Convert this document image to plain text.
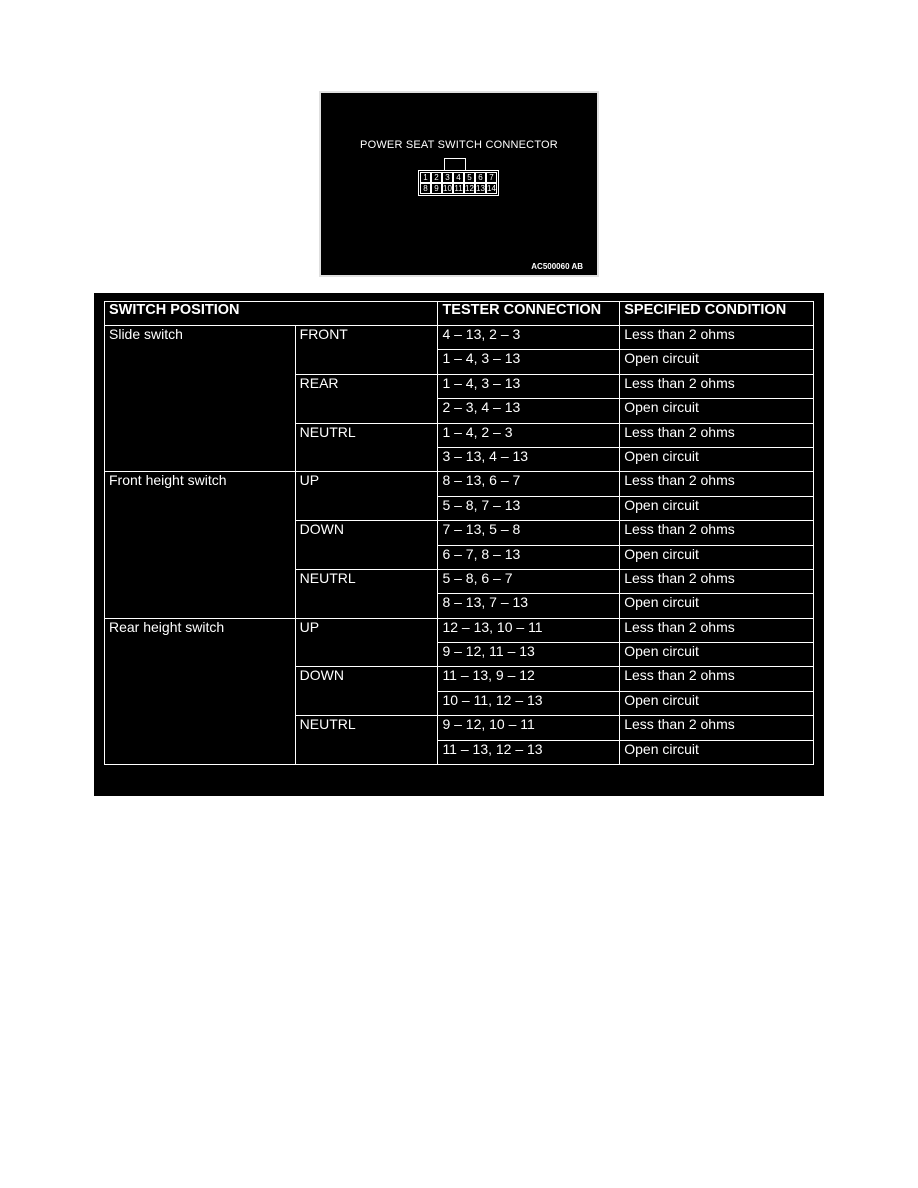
POWER SEAT SWITCH CONNECTOR
1 2 3 4 5 6 7
8 9 10 11 12 13 14
AC500060 AB
SWITCH POSITION		TESTER CONNECTION	SPECIFIED CONDITION
Slide switch	FRONT	4 – 13, 2 – 3	Less than 2 ohms
		1 – 4, 3 – 13	Open circuit
	REAR	1 – 4, 3 – 13	Less than 2 ohms
		2 – 3, 4 – 13	Open circuit
	NEUTRL	1 – 4, 2 – 3	Less than 2 ohms
		3 – 13, 4 – 13	Open circuit
Front height switch	UP	8 – 13, 6 – 7	Less than 2 ohms
		5 – 8, 7 – 13	Open circuit
	DOWN	7 – 13, 5 – 8	Less than 2 ohms
		6 – 7, 8 – 13	Open circuit
	NEUTRL	5 – 8, 6 – 7	Less than 2 ohms
		8 – 13, 7 – 13	Open circuit
Rear height switch	UP	12 – 13, 10 – 11	Less than 2 ohms
		9 – 12, 11 – 13	Open circuit
	DOWN	11 – 13, 9 – 12	Less than 2 ohms
		10 – 11, 12 – 13	Open circuit
	NEUTRL	9 – 12, 10 – 11	Less than 2 ohms
		11 – 13, 12 – 13	Open circuit
